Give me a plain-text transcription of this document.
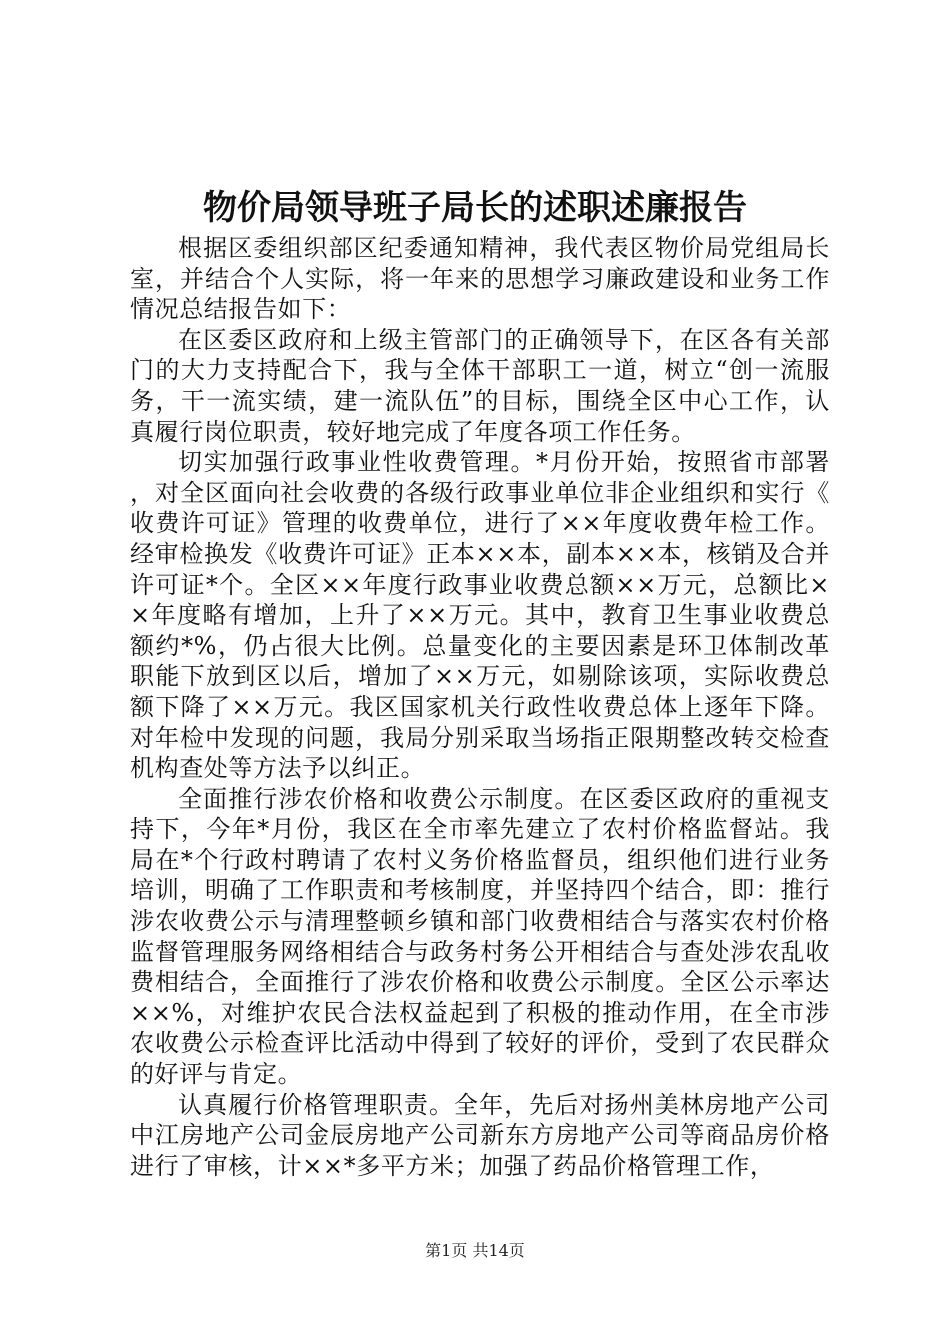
物价局领导班子局长的述职述廉报告

根据区委组织部区纪委通知精神，我代表区物价局党组局长室，并结合个人实际，将一年来的思想学习廉政建设和业务工作情况总结报告如下：

在区委区政府和上级主管部门的正确领导下，在区各有关部门的大力支持配合下，我与全体干部职工一道，树立“创一流服务，干一流实绩，建一流队伍”的目标，围绕全区中心工作，认真履行岗位职责，较好地完成了年度各项工作任务。

切实加强行政事业性收费管理。*月份开始，按照省市部署，对全区面向社会收费的各级行政事业单位非企业组织和实行《收费许可证》管理的收费单位，进行了××年度收费年检工作。经审检换发《收费许可证》正本××本，副本××本，核销及合并许可证*个。全区××年度行政事业收费总额××万元，总额比××年度略有增加，上升了××万元。其中，教育卫生事业收费总额约*%，仍占很大比例。总量变化的主要因素是环卫体制改革职能下放到区以后，增加了××万元，如剔除该项，实际收费总额下降了××万元。我区国家机关行政性收费总体上逐年下降。对年检中发现的问题，我局分别采取当场指正限期整改转交检查机构查处等方法予以纠正。

全面推行涉农价格和收费公示制度。在区委区政府的重视支持下，今年*月份，我区在全市率先建立了农村价格监督站。我局在*个行政村聘请了农村义务价格监督员，组织他们进行业务培训，明确了工作职责和考核制度，并坚持四个结合，即：推行涉农收费公示与清理整顿乡镇和部门收费相结合与落实农村价格监督管理服务网络相结合与政务村务公开相结合与查处涉农乱收费相结合，全面推行了涉农价格和收费公示制度。全区公示率达××%，对维护农民合法权益起到了积极的推动作用，在全市涉农收费公示检查评比活动中得到了较好的评价，受到了农民群众的好评与肯定。

认真履行价格管理职责。全年，先后对扬州美林房地产公司中江房地产公司金辰房地产公司新东方房地产公司等商品房价格进行了审核，计××*多平方米；加强了药品价格管理工作，

第1页 共14页
